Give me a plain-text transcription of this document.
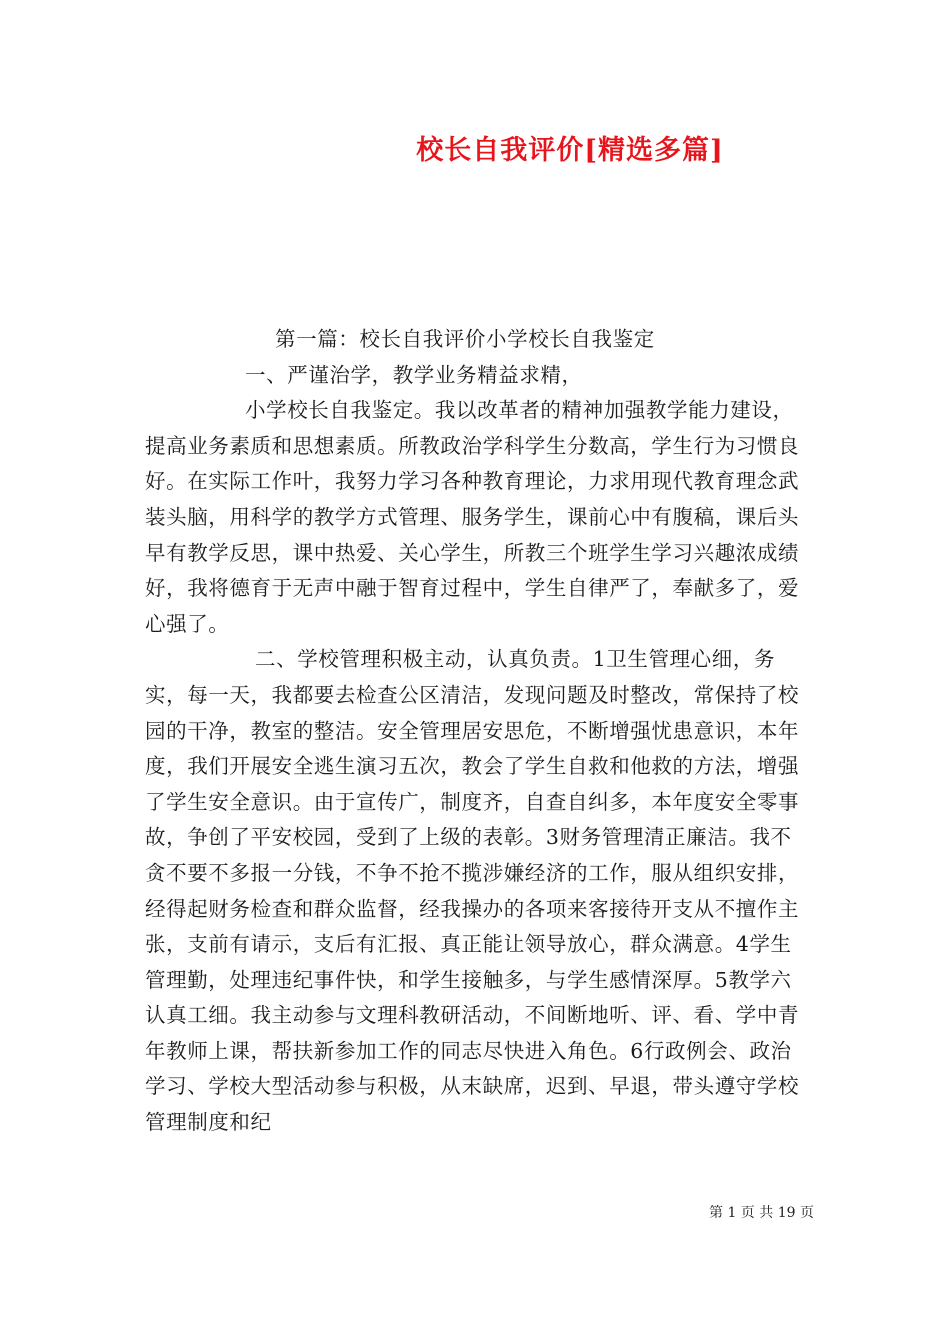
校长自我评价[精选多篇]

第一篇：校长自我评价小学校长自我鉴定

一、严谨治学，教学业务精益求精，

小学校长自我鉴定。我以改革者的精神加强教学能力建设，提高业务素质和思想素质。所教政治学科学生分数高，学生行为习惯良好。在实际工作叶，我努力学习各种教育理论，力求用现代教育理念武装头脑，用科学的教学方式管理、服务学生，课前心中有腹稿，课后头早有教学反思，课中热爱、关心学生，所教三个班学生学习兴趣浓成绩好，我将德育于无声中融于智育过程中，学生自律严了，奉献多了，爱心强了。

二、学校管理积极主动，认真负责。1卫生管理心细，务实，每一天，我都要去检查公区清洁，发现问题及时整改，常保持了校园的干净，教室的整洁。安全管理居安思危，不断增强忧患意识，本年度，我们开展安全逃生演习五次，教会了学生自救和他救的方法，增强了学生安全意识。由于宣传广，制度齐，自查自纠多，本年度安全零事故，争创了平安校园，受到了上级的表彰。3财务管理清正廉洁。我不贪不要不多报一分钱，不争不抢不揽涉嫌经济的工作，服从组织安排，经得起财务检查和群众监督，经我操办的各项来客接待开支从不擅作主张，支前有请示，支后有汇报、真正能让领导放心，群众满意。4学生管理勤，处理违纪事件快，和学生接触多，与学生感情深厚。5教学六认真工细。我主动参与文理科教研活动，不间断地听、评、看、学中青年教师上课，帮扶新参加工作的同志尽快进入角色。6行政例会、政治学习、学校大型活动参与积极，从末缺席，迟到、早退，带头遵守学校管理制度和纪

第 1 页 共 19 页
